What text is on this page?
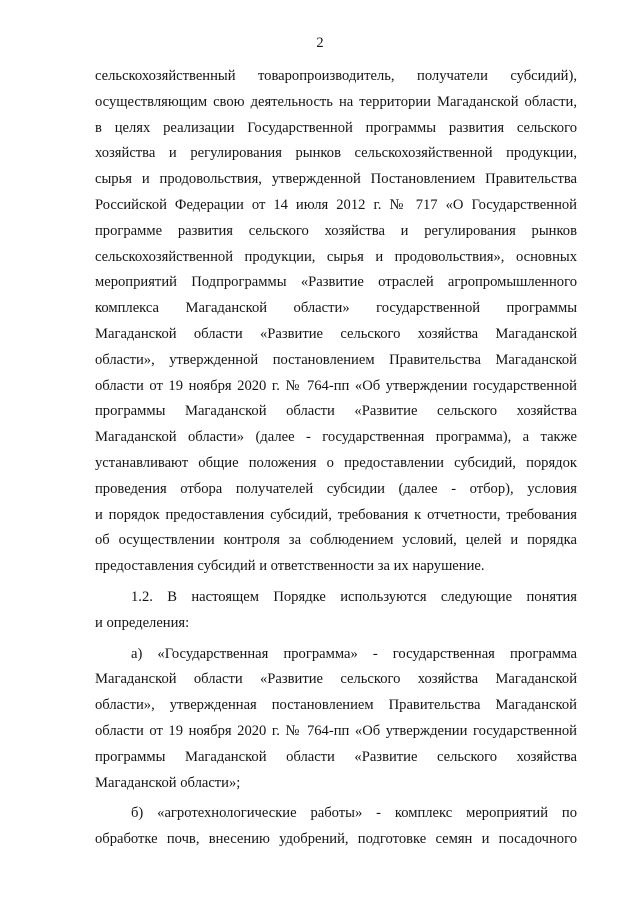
2
сельскохозяйственный товаропроизводитель, получатели субсидий),
осуществляющим свою деятельность на территории Магаданской области,
в целях реализации Государственной программы развития сельского
хозяйства и регулирования рынков сельскохозяйственной продукции,
сырья и продовольствия, утвержденной Постановлением Правительства
Российской Федерации от 14 июля 2012 г. № 717 «О Государственной
программе развития сельского хозяйства и регулирования рынков
сельскохозяйственной продукции, сырья и продовольствия», основных
мероприятий Подпрограммы «Развитие отраслей агропромышленного
комплекса Магаданской области» государственной программы
Магаданской области «Развитие сельского хозяйства Магаданской
области», утвержденной постановлением Правительства Магаданской
области от 19 ноября 2020 г. № 764-пп «Об утверждении государственной
программы Магаданской области «Развитие сельского хозяйства
Магаданской области» (далее - государственная программа), а также
устанавливают общие положения о предоставлении субсидий, порядок
проведения отбора получателей субсидии (далее - отбор), условия
и порядок предоставления субсидий, требования к отчетности, требования
об осуществлении контроля за соблюдением условий, целей и порядка
предоставления субсидий и ответственности за их нарушение.
1.2. В настоящем Порядке используются следующие понятия
и определения:
а) «Государственная программа» - государственная программа
Магаданской области «Развитие сельского хозяйства Магаданской
области», утвержденная постановлением Правительства Магаданской
области от 19 ноября 2020 г. № 764-пп «Об утверждении государственной
программы Магаданской области «Развитие сельского хозяйства
Магаданской области»;
б) «агротехнологические работы» - комплекс мероприятий по
обработке почв, внесению удобрений, подготовке семян и посадочного
